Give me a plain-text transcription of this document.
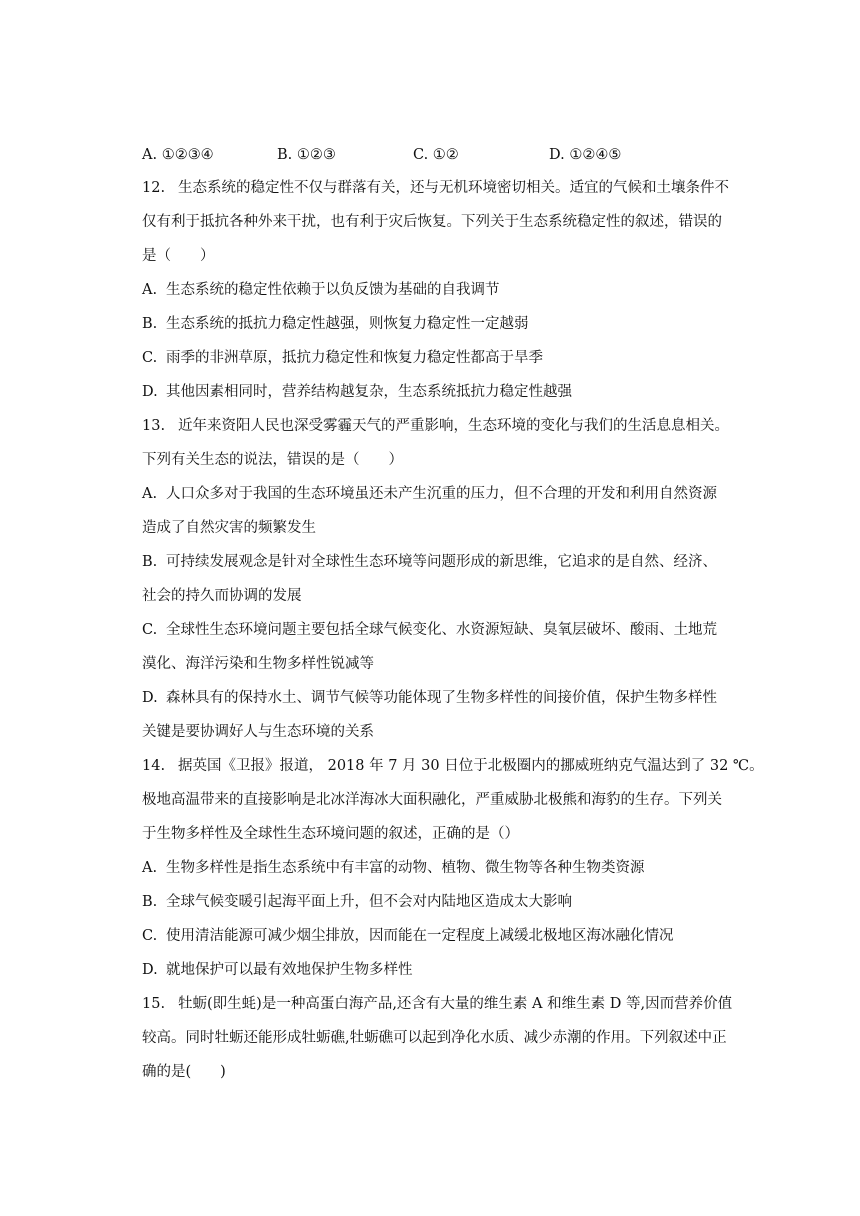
A. ①②③④	B. ①②③	C. ①②	D. ①②④⑤
12. 生态系统的稳定性不仅与群落有关，还与无机环境密切相关。适宜的气候和土壤条件不
仅有利于抵抗各种外来干扰，也有利于灾后恢复。下列关于生态系统稳定性的叙述，错误的
是（　　）
A. 生态系统的稳定性依赖于以负反馈为基础的自我调节
B. 生态系统的抵抗力稳定性越强，则恢复力稳定性一定越弱
C. 雨季的非洲草原，抵抗力稳定性和恢复力稳定性都高于旱季
D. 其他因素相同时，营养结构越复杂，生态系统抵抗力稳定性越强
13. 近年来资阳人民也深受雾霾天气的严重影响，生态环境的变化与我们的生活息息相关。
下列有关生态的说法，错误的是（　　）
A. 人口众多对于我国的生态环境虽还未产生沉重的压力，但不合理的开发和利用自然资源
造成了自然灾害的频繁发生
B. 可持续发展观念是针对全球性生态环境等问题形成的新思维，它追求的是自然、经济、
社会的持久而协调的发展
C. 全球性生态环境问题主要包括全球气候变化、水资源短缺、臭氧层破坏、酸雨、土地荒
漠化、海洋污染和生物多样性锐减等
D. 森林具有的保持水土、调节气候等功能体现了生物多样性的间接价值，保护生物多样性
关键是要协调好人与生态环境的关系
14. 据英国《卫报》报道， 2018 年 7 月 30 日位于北极圈内的挪威班纳克气温达到了 32 ℃。
极地高温带来的直接影响是北冰洋海冰大面积融化，严重威胁北极熊和海豹的生存。下列关
于生物多样性及全球性生态环境问题的叙述，正确的是（）
A. 生物多样性是指生态系统中有丰富的动物、植物、微生物等各种生物类资源
B. 全球气候变暖引起海平面上升，但不会对内陆地区造成太大影响
C. 使用清洁能源可减少烟尘排放，因而能在一定程度上减缓北极地区海冰融化情况
D. 就地保护可以最有效地保护生物多样性
15. 牡蛎(即生蚝)是一种高蛋白海产品,还含有大量的维生素 A 和维生素 D 等,因而营养价值
较高。同时牡蛎还能形成牡蛎礁,牡蛎礁可以起到净化水质、减少赤潮的作用。下列叙述中正
确的是(　　)
